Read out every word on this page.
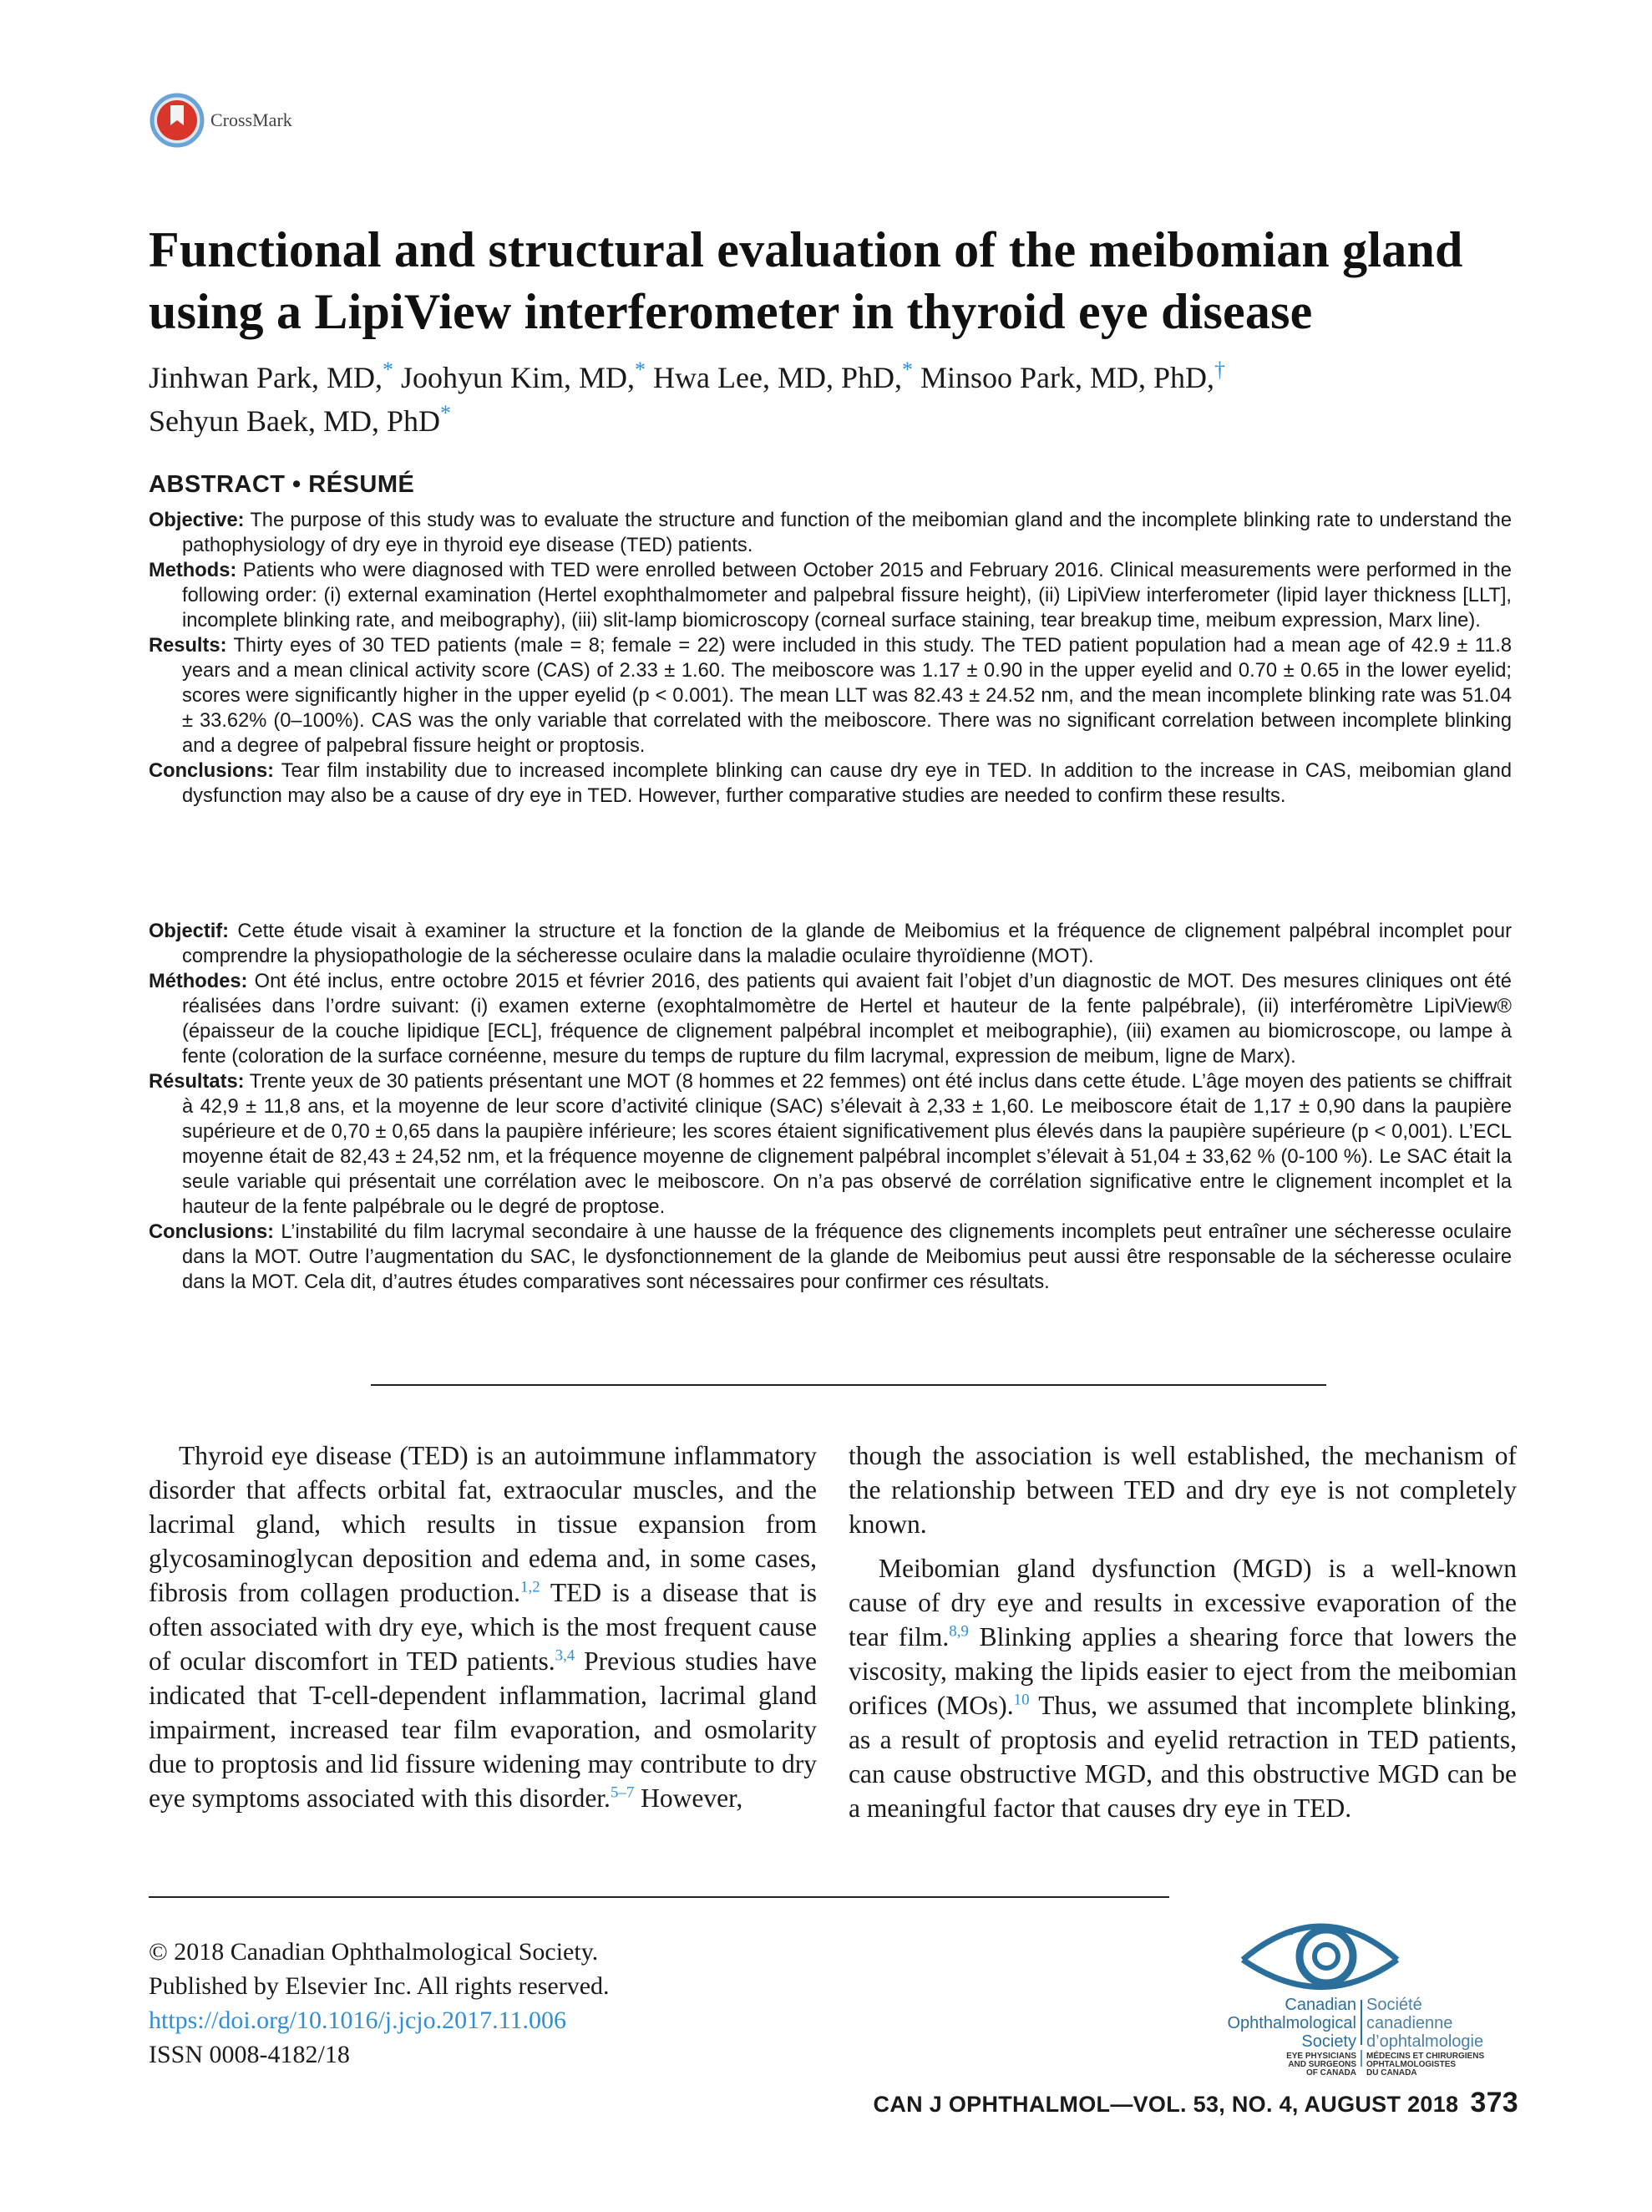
CrossMark
Functional and structural evaluation of the meibomian gland using a LipiView interferometer in thyroid eye disease
Jinhwan Park, MD,* Joohyun Kim, MD,* Hwa Lee, MD, PhD,* Minsoo Park, MD, PhD,†
Sehyun Baek, MD, PhD*
ABSTRACT • RÉSUMÉ

Objective: The purpose of this study was to evaluate the structure and function of the meibomian gland and the incomplete blinking rate to understand the pathophysiology of dry eye in thyroid eye disease (TED) patients.

Methods: Patients who were diagnosed with TED were enrolled between October 2015 and February 2016. Clinical measurements were performed in the following order: (i) external examination (Hertel exophthalmometer and palpebral fissure height), (ii) LipiView interferometer (lipid layer thickness [LLT], incomplete blinking rate, and meibography), (iii) slit-lamp biomicroscopy (corneal surface staining, tear breakup time, meibum expression, Marx line).

Results: Thirty eyes of 30 TED patients (male = 8; female = 22) were included in this study. The TED patient population had a mean age of 42.9 ± 11.8 years and a mean clinical activity score (CAS) of 2.33 ± 1.60. The meiboscore was 1.17 ± 0.90 in the upper eyelid and 0.70 ± 0.65 in the lower eyelid; scores were significantly higher in the upper eyelid (p < 0.001). The mean LLT was 82.43 ± 24.52 nm, and the mean incomplete blinking rate was 51.04 ± 33.62% (0–100%). CAS was the only variable that correlated with the meiboscore. There was no significant correlation between incomplete blinking and a degree of palpebral fissure height or proptosis.

Conclusions: Tear film instability due to increased incomplete blinking can cause dry eye in TED. In addition to the increase in CAS, meibomian gland dysfunction may also be a cause of dry eye in TED. However, further comparative studies are needed to confirm these results.

Objectif: Cette étude visait à examiner la structure et la fonction de la glande de Meibomius et la fréquence de clignement palpébral incomplet pour comprendre la physiopathologie de la sécheresse oculaire dans la maladie oculaire thyroïdienne (MOT).

Méthodes: Ont été inclus, entre octobre 2015 et février 2016, des patients qui avaient fait l’objet d’un diagnostic de MOT. Des mesures cliniques ont été réalisées dans l’ordre suivant: (i) examen externe (exophtalmomètre de Hertel et hauteur de la fente palpébrale), (ii) interféromètre LipiView® (épaisseur de la couche lipidique [ECL], fréquence de clignement palpébral incomplet et meibographie), (iii) examen au biomicroscope, ou lampe à fente (coloration de la surface cornéenne, mesure du temps de rupture du film lacrymal, expression de meibum, ligne de Marx).

Résultats: Trente yeux de 30 patients présentant une MOT (8 hommes et 22 femmes) ont été inclus dans cette étude. L’âge moyen des patients se chiffrait à 42,9 ± 11,8 ans, et la moyenne de leur score d’activité clinique (SAC) s’élevait à 2,33 ± 1,60. Le meiboscore était de 1,17 ± 0,90 dans la paupière supérieure et de 0,70 ± 0,65 dans la paupière inférieure; les scores étaient significativement plus élevés dans la paupière supérieure (p < 0,001). L’ECL moyenne était de 82,43 ± 24,52 nm, et la fréquence moyenne de clignement palpébral incomplet s’élevait à 51,04 ± 33,62 % (0-100 %). Le SAC était la seule variable qui présentait une corrélation avec le meiboscore. On n’a pas observé de corrélation significative entre le clignement incomplet et la hauteur de la fente palpébrale ou le degré de proptose.

Conclusions: L’instabilité du film lacrymal secondaire à une hausse de la fréquence des clignements incomplets peut entraîner une sécheresse oculaire dans la MOT. Outre l’augmentation du SAC, le dysfonctionnement de la glande de Meibomius peut aussi être responsable de la sécheresse oculaire dans la MOT. Cela dit, d’autres études comparatives sont nécessaires pour confirmer ces résultats.

Thyroid eye disease (TED) is an autoimmune inflammatory disorder that affects orbital fat, extraocular muscles, and the lacrimal gland, which results in tissue expansion from glycosaminoglycan deposition and edema and, in some cases, fibrosis from collagen production.$^{1,2}$ TED is a disease that is often associated with dry eye, which is the most frequent cause of ocular discomfort in TED patients.$^{3,4}$ Previous studies have indicated that T-cell-dependent inflammation, lacrimal gland impairment, increased tear film evaporation, and osmolarity due to proptosis and lid fissure widening may contribute to dry eye symptoms associated with this disorder.$^{5-7}$ However,

though the association is well established, the mechanism of the relationship between TED and dry eye is not completely known.

Meibomian gland dysfunction (MGD) is a well-known cause of dry eye and results in excessive evaporation of the tear film.$^{8,9}$ Blinking applies a shearing force that lowers the viscosity, making the lipids easier to eject from the meibomian orifices (MOs).$^{10}$ Thus, we assumed that incomplete blinking, as a result of proptosis and eyelid retraction in TED patients, can cause obstructive MGD, and this obstructive MGD can be a meaningful factor that causes dry eye in TED.

© 2018 Canadian Ophthalmological Society.
Published by Elsevier Inc. All rights reserved.
https://doi.org/10.1016/j.jcjo.2017.11.006
ISSN 0008-4182/18
Canadian
Ophthalmological
Society
Société
canadienne
d’ophtalmologie
EYE PHYSICIANS
AND SURGEONS
MÉDECINS ET CHIRURGIENS
OPHTALMOLOGISTES
OF CANADA DU CANADA
CAN J OPHTHALMOL—VOL. 53, NO. 4, AUGUST 2018 373
